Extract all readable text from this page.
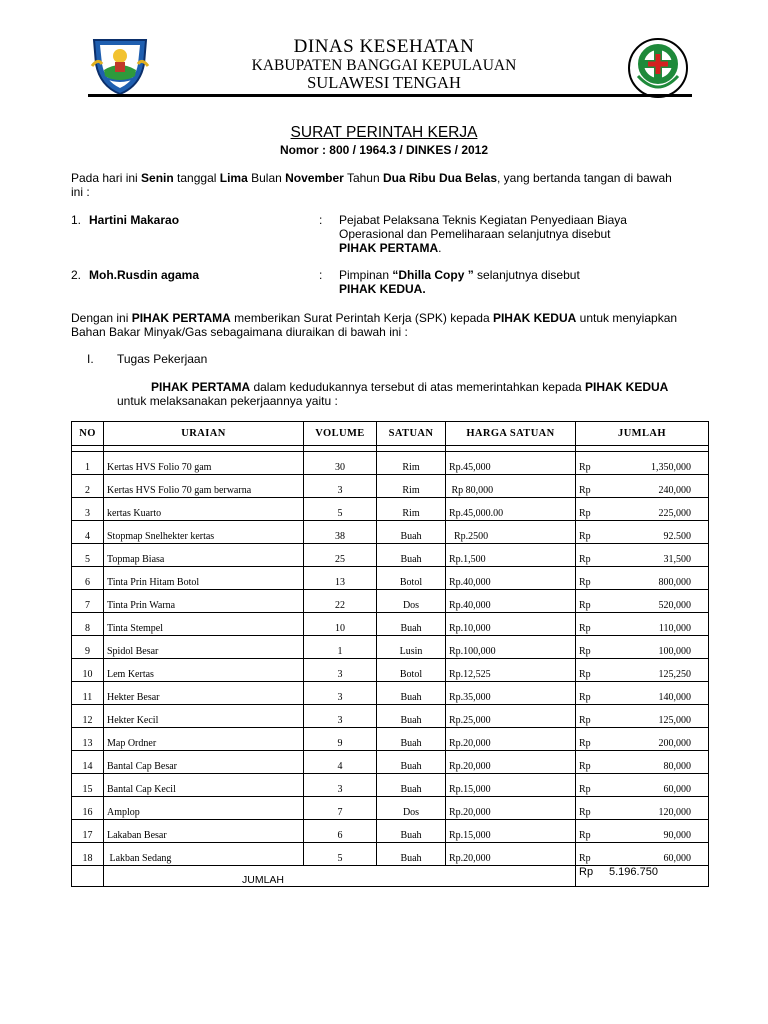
DINAS KESEHATAN
KABUPATEN BANGGAI KEPULAUAN
SULAWESI TENGAH
SURAT PERINTAH KERJA
Nomor : 800 / 1964.3 / DINKES / 2012
Pada hari ini Senin tanggal Lima Bulan November Tahun Dua Ribu Dua Belas, yang bertanda tangan di bawah
ini :
1. Hartini Makarao	: Pejabat Pelaksana Teknis Kegiatan Penyediaan Biaya
Operasional dan Pemeliharaan selanjutnya disebut
PIHAK PERTAMA.
2. Moh.Rusdin agama	: Pimpinan “Dhilla Copy ” selanjutnya disebut
PIHAK KEDUA.
Dengan ini PIHAK PERTAMA memberikan Surat Perintah Kerja (SPK) kepada PIHAK KEDUA untuk menyiapkan
Bahan Bakar Minyak/Gas sebagaimana diuraikan di bawah ini :
I. Tugas Pekerjaan
PIHAK PERTAMA dalam kedudukannya tersebut di atas memerintahkan kepada PIHAK KEDUA
untuk melaksanakan pekerjaannya yaitu :
NO	URAIAN	VOLUME	SATUAN	HARGA SATUAN	JUMLAH

1	Kertas HVS Folio 70 gam	30	Rim	Rp.45,000	Rp 1,350,000
2	Kertas HVS Folio 70 gam berwarna	3	Rim	Rp 80,000	Rp 240,000
3	kertas Kuarto	5	Rim	Rp.45,000.00	Rp 225,000
4	Stopmap Snelhekter kertas	38	Buah	Rp.2500	Rp 92.500
5	Topmap Biasa	25	Buah	Rp.1,500	Rp 31,500
6	Tinta Prin Hitam Botol	13	Botol	Rp.40,000	Rp 800,000
7	Tinta Prin Warna	22	Dos	Rp.40,000	Rp 520,000
8	Tinta Stempel	10	Buah	Rp.10,000	Rp 110,000
9	Spidol Besar	1	Lusin	Rp.100,000	Rp 100,000
10	Lem Kertas	3	Botol	Rp.12,525	Rp 125,250
11	Hekter Besar	3	Buah	Rp.35,000	Rp 140,000
12	Hekter Kecil	3	Buah	Rp.25,000	Rp 125,000
13	Map Ordner	9	Buah	Rp.20,000	Rp 200,000
14	Bantal Cap Besar	4	Buah	Rp.20,000	Rp 80,000
15	Bantal Cap Kecil	3	Buah	Rp.15,000	Rp 60,000
16	Amplop	7	Dos	Rp.20,000	Rp 120,000
17	Lakaban Besar	6	Buah	Rp.15,000	Rp 90,000
18	Lakban Sedang	5	Buah	Rp.20,000	Rp 60,000
	JUMLAH				Rp 5.196.750
